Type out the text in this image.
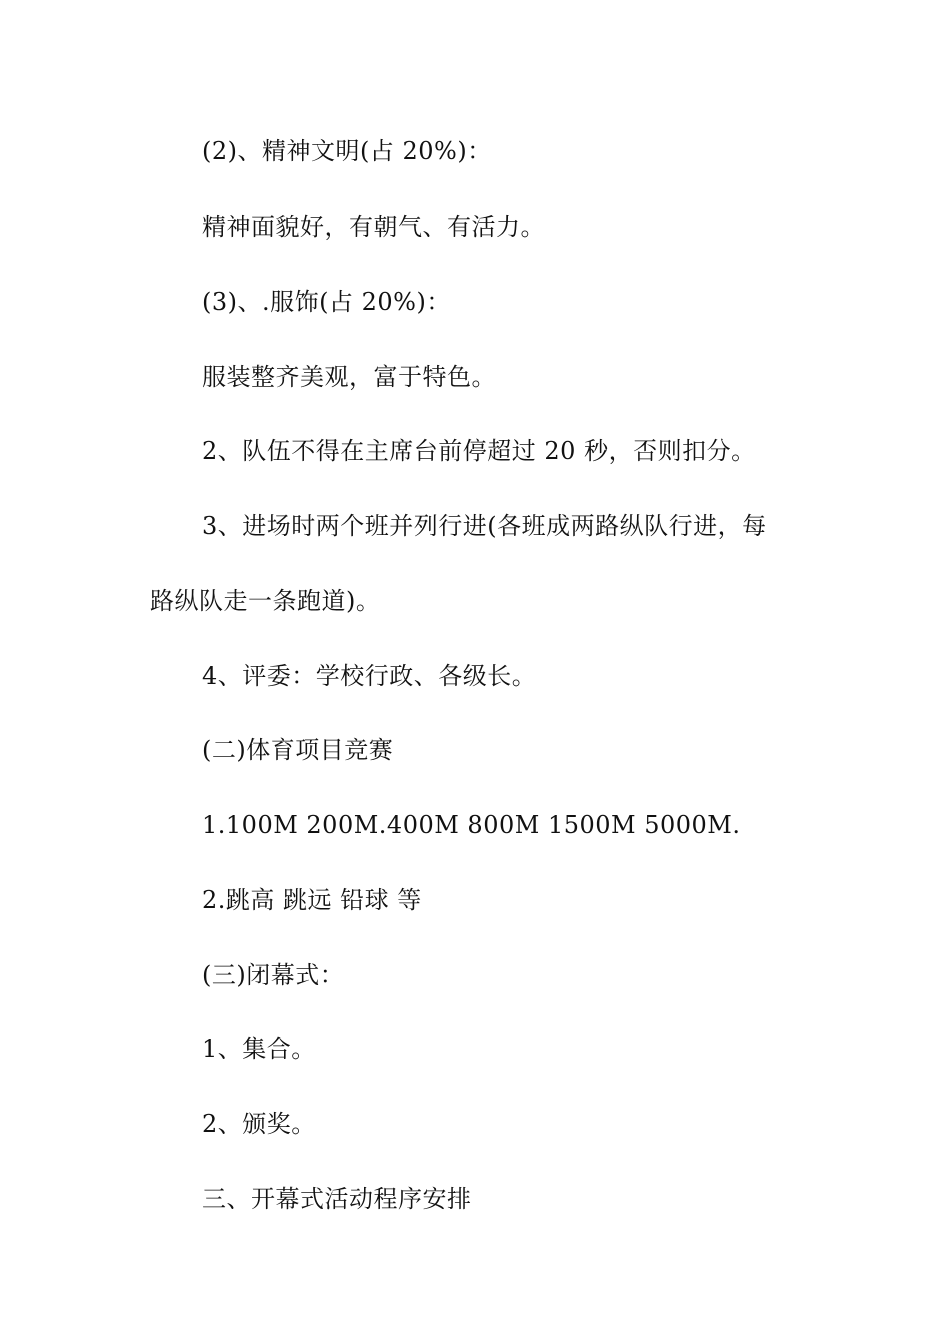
(2)、精神文明(占 20%)：
精神面貌好，有朝气、有活力。
(3)、.服饰(占 20%)：
服装整齐美观，富于特色。
2、队伍不得在主席台前停超过 20 秒，否则扣分。
3、进场时两个班并列行进(各班成两路纵队行进，每
路纵队走一条跑道)。
4、评委：学校行政、各级长。
(二)体育项目竞赛
1.100M 200M.400M 800M 1500M 5000M.
2.跳高 跳远 铅球 等
(三)闭幕式：
1、集合。
2、颁奖。
三、开幕式活动程序安排
